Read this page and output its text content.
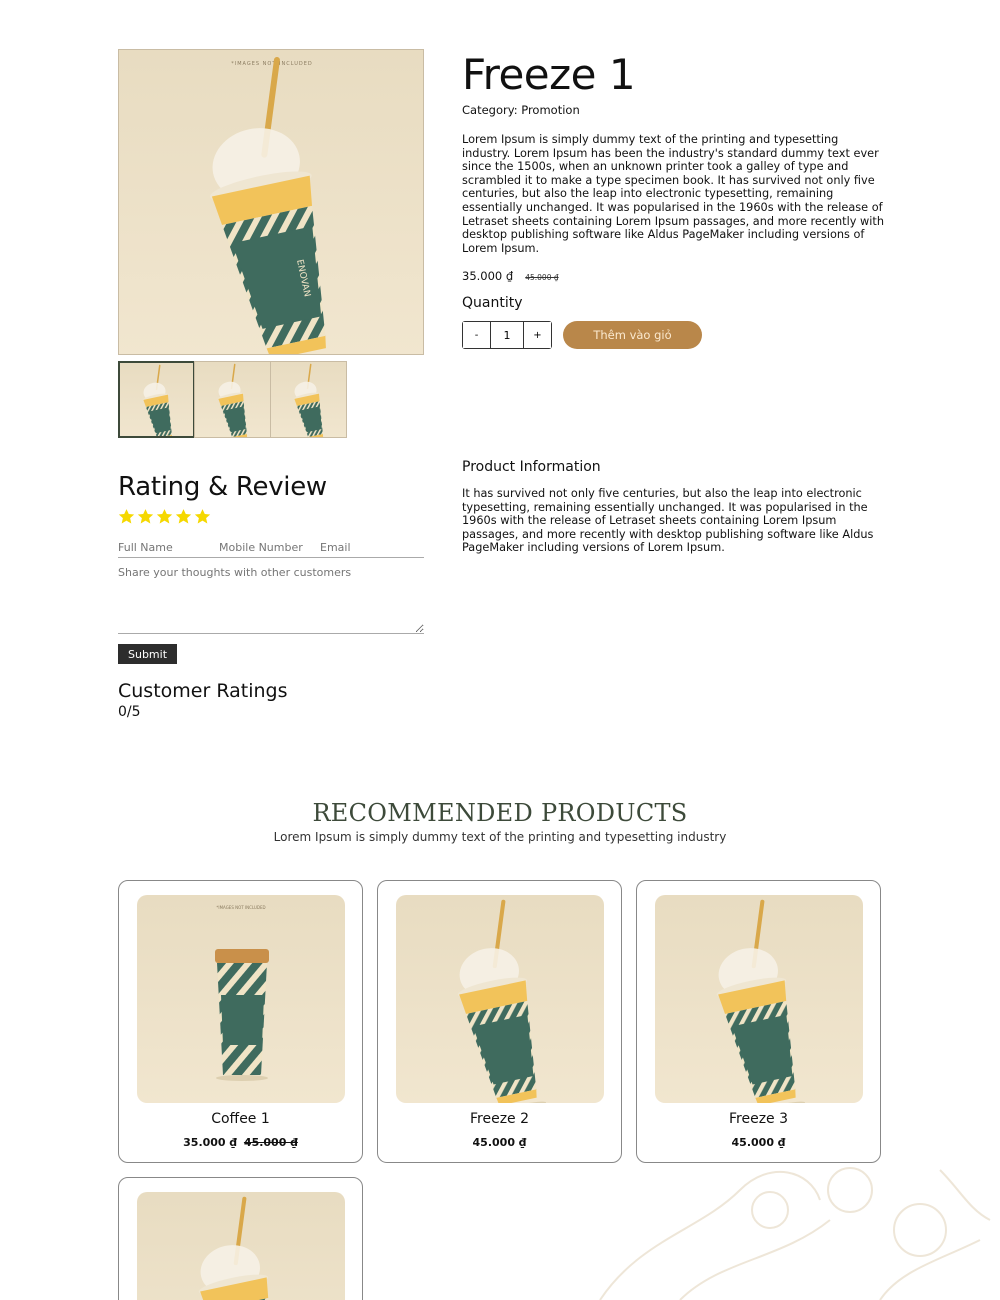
*IMAGES NOT INCLUDED
ENOVAN
Freeze 1
Category: Promotion

Lorem Ipsum is simply dummy text of the printing and typesetting industry. Lorem Ipsum has been the industry's standard dummy text ever since the 1500s, when an unknown printer took a galley of type and scrambled it to make a type specimen book. It has survived not only five centuries, but also the leap into electronic typesetting, remaining essentially unchanged. It was popularised in the 1960s with the release of Letraset sheets containing Lorem Ipsum passages, and more recently with desktop publishing software like Aldus PageMaker including versions of Lorem Ipsum.

35.000 ₫ 45.000 ₫
Quantity
-
1	+	Thêm vào giỏ
Product Information

It has survived not only five centuries, but also the leap into electronic typesetting, remaining essentially unchanged. It was popularised in the 1960s with the release of Letraset sheets containing Lorem Ipsum passages, and more recently with desktop publishing software like Aldus PageMaker including versions of Lorem Ipsum.

Rating & Review
Full Name
Mobile Number
Email
Share your thoughts with other customers Submit
Customer Ratings
0/5
RECOMMENDED PRODUCTS
Lorem Ipsum is simply dummy text of the printing and typesetting industry
*IMAGES NOT INCLUDED
Coffee 1
35.000 ₫ 45.000 ₫
Freeze 2
45.000 ₫
Freeze 3
45.000 ₫
